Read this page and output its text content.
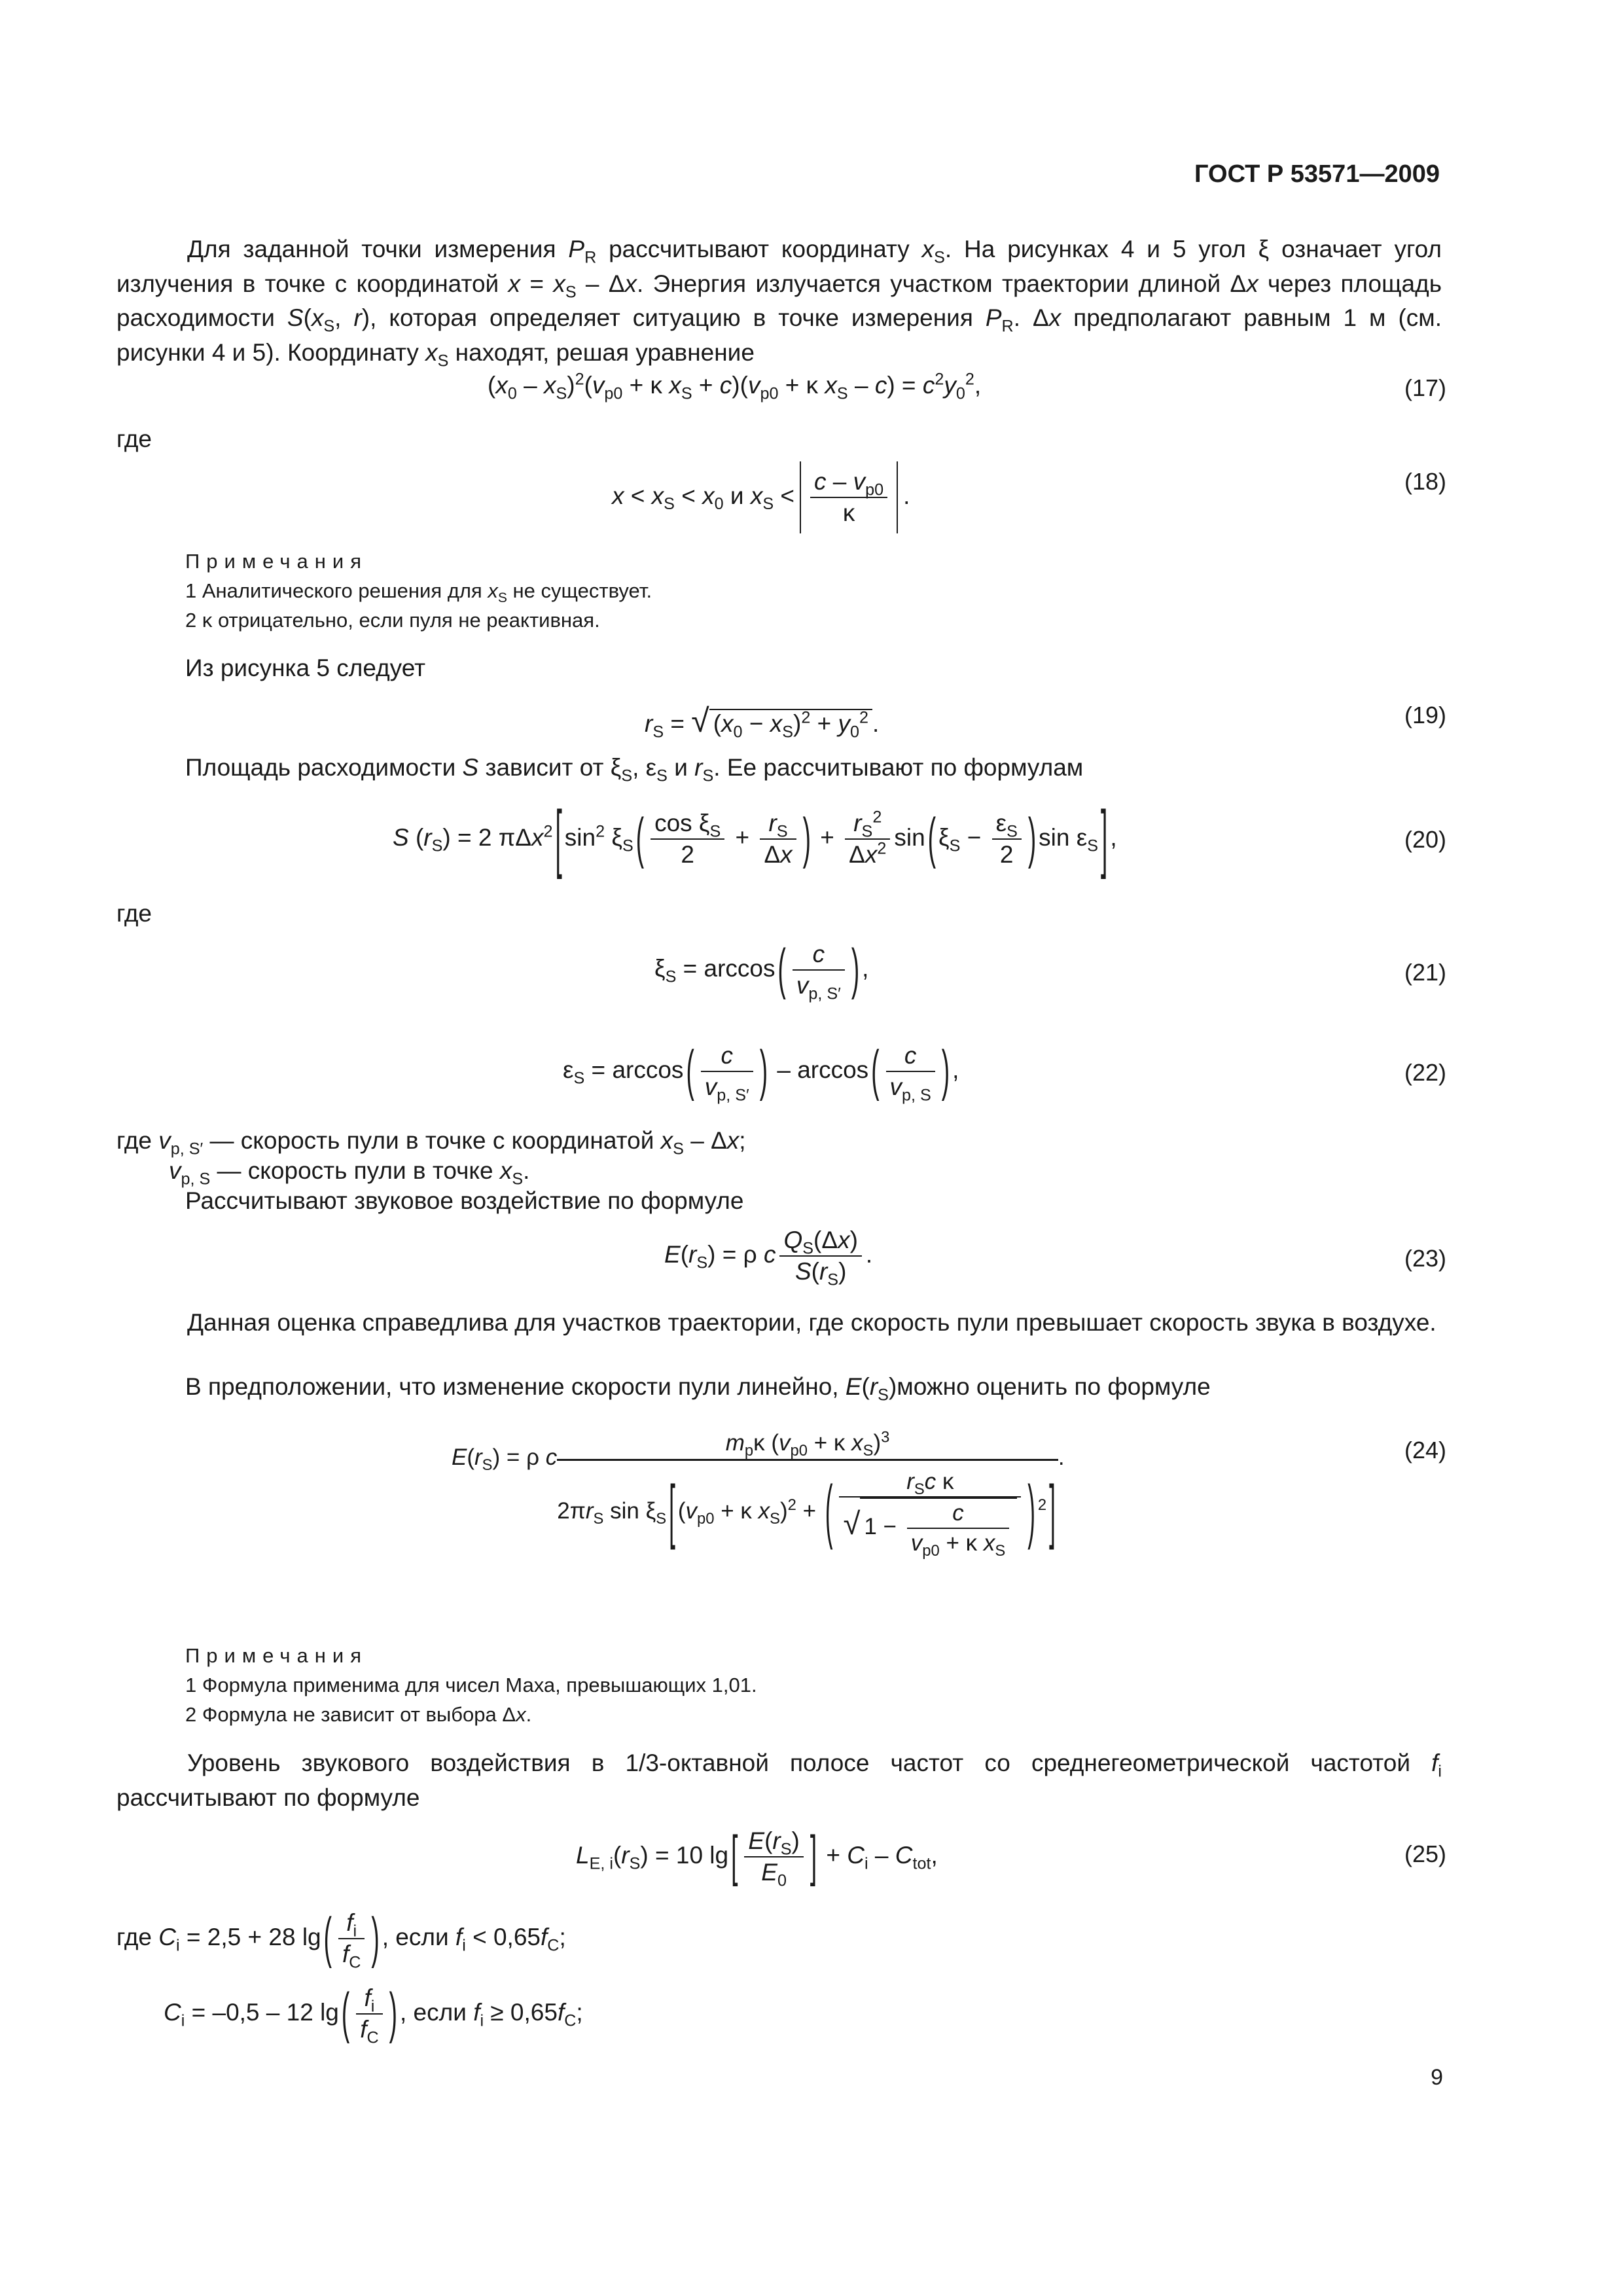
ГОСТ Р 53571—2009
Для заданной точки измерения $P_R$ рассчитывают координату $x_S$. На рисунках 4 и 5 угол ξ означает угол излучения в точке с координатой $x = x_S - \Delta x$. Энергия излучается участком траектории длиной Δx через площадь расходимости $S(x_S$, r), которая определяет ситуацию в точке измерения $P_R$. Δx предполагают равным 1 м (см. рисунки 4 и 5). Координату $x_S$ находят, решая уравнение
$(x_0 - x_S)^2(v_{p0} + \kappa$ $x_S + c)(v_{p0} + \kappa$ $x_S - c) = c^2y_0^2$,	(17)
где
$x < x_S < x_0$ и $x_S < \frac{c - v_{p0}}{\kappa}$ .
(18)
Примечания
1 Аналитического решения для $x_S$ не существует.
2 κ отрицательно, если пуля не реактивная.
Из рисунка 5 следует
$r_S$ = √ $(x_0 - x_S)^2 + y_0^2$ .	(19)
Площадь расходимости S зависит от $\xi_S$, $\varepsilon_S$ и $r_S$. Ее рассчитывают по формулам
S $(r_S) = 2$ πΔx$^2$ [ $\sin^2 \xi_S$ ( $\frac{\cos \xi_S}{2} + \frac{r_S}{\Delta x}$ ) + $\frac{r_S^2}{\Delta x^2}$ sin ( $\xi_S - \frac{\varepsilon_S}{2}$ ) $\sin \varepsilon_S$ ] ,	(20)
где
$\xi_S = \arccos$ ( $\frac{c}{v_{p, S'}}$ ) ,	(21)
$\varepsilon_S = \arccos$ ( $\frac{c}{v_{p, S'}}$ ) – arccos ( $\frac{c}{v_{p, S}}$ ) ,	(22)
где $v_{p, S'}$ — скорость пули в точке с координатой $x_S$ – Δx;
$v_{p, S}$ — скорость пули в точке $x_S$.
Рассчитывают звуковое воздействие по формуле
$E(r_S) = \rho$ c $\frac{Q_S(\Delta x)}{S(r_S)}$ .	(23)
Данная оценка справедлива для участков траектории, где скорость пули превышает скорость звука в воздухе.
В предположении, что изменение скорости пули линейно, $E(r_S)можно$ оценить по формуле
$E(r_S) = \rho$ c
$m_p\kappa$ ($v_{p0} + \kappa$ $x_S)^3$
$2\pi r_S$ $\sin \xi_S$ [ ($v_{p0} + \kappa$ $x_S)^2$ + ( $\frac{r_Sc \kappa}{√ 1 - \frac{c}{v_{p0} + \kappa x_S}}$ ) $^2$ ]
.	(24)
Примечания
1 Формула применима для чисел Маха, превышающих 1,01.
2 Формула не зависит от выбора Δx.
Уровень звукового воздействия в 1/3-октавной полосе частот со среднегеометрической частотой $f_i$ рассчитывают по формуле
$L_{E, i}(r_S) = 10$ lg [ $\frac{E(r_S)}{E_0}$ ] + $C_i - C_{tot}$,	(25)
где $C_i = 2,5 + 28$ lg ( $\frac{f_i}{f_C}$ ) , если $f_i < 0,65f_C$;
$C_i = -0,5 - 12$ lg ( $\frac{f_i}{f_C}$ ) , если $f_i \ge 0,65f_C$;
9
